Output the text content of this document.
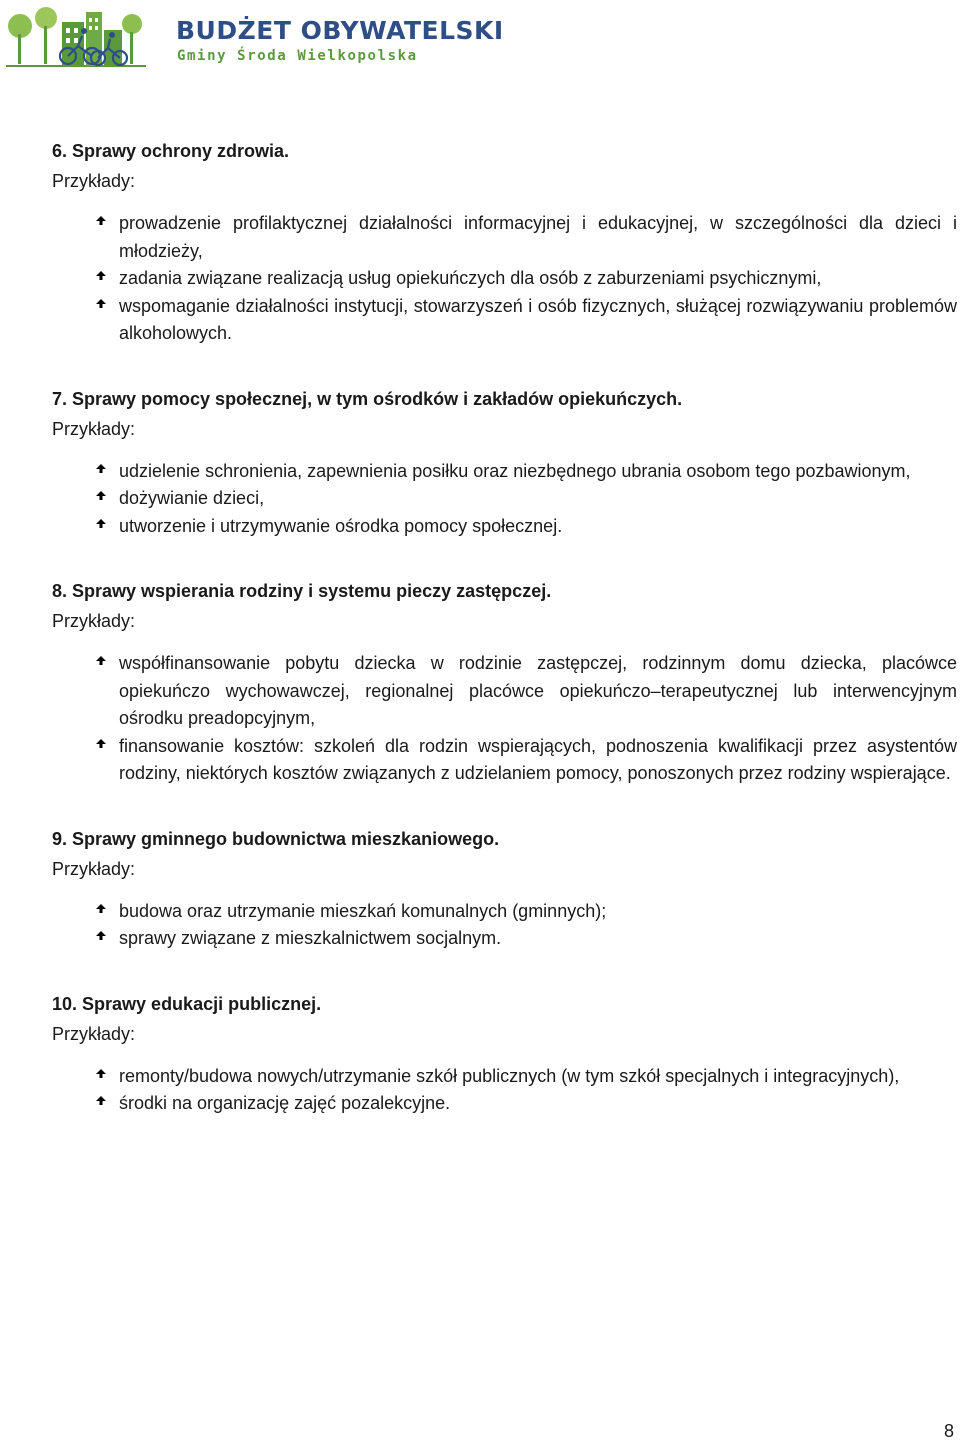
BUDŻET OBYWATELSKI
Gminy Środa Wielkopolska

6. Sprawy ochrony zdrowia.

Przykłady:

prowadzenie profilaktycznej działalności informacyjnej i edukacyjnej, w szczególności dla dzieci i młodzieży,
zadania związane realizacją usług opiekuńczych dla osób z zaburzeniami psychicznymi,
wspomaganie działalności instytucji, stowarzyszeń i osób fizycznych, służącej rozwiązywaniu problemów alkoholowych.

7. Sprawy pomocy społecznej, w tym ośrodków i zakładów opiekuńczych.

Przykłady:

udzielenie schronienia, zapewnienia posiłku oraz niezbędnego ubrania osobom tego pozbawionym,
dożywianie dzieci,
utworzenie i utrzymywanie ośrodka pomocy społecznej.

8. Sprawy wspierania rodziny i systemu pieczy zastępczej.

Przykłady:

współfinansowanie pobytu dziecka w rodzinie zastępczej, rodzinnym domu dziecka, placówce opiekuńczo wychowawczej, regionalnej placówce opiekuńczo–terapeutycznej lub interwencyjnym ośrodku preadopcyjnym,
finansowanie kosztów: szkoleń dla rodzin wspierających, podnoszenia kwalifikacji przez asystentów rodziny, niektórych kosztów związanych z udzielaniem pomocy, ponoszonych przez rodziny wspierające.

9. Sprawy gminnego budownictwa mieszkaniowego.

Przykłady:

budowa oraz utrzymanie mieszkań komunalnych (gminnych);
sprawy związane z mieszkalnictwem socjalnym.

10. Sprawy edukacji publicznej.

Przykłady:

remonty/budowa nowych/utrzymanie szkół publicznych (w tym szkół specjalnych i integracyjnych),
środki na organizację zajęć pozalekcyjne.
8
